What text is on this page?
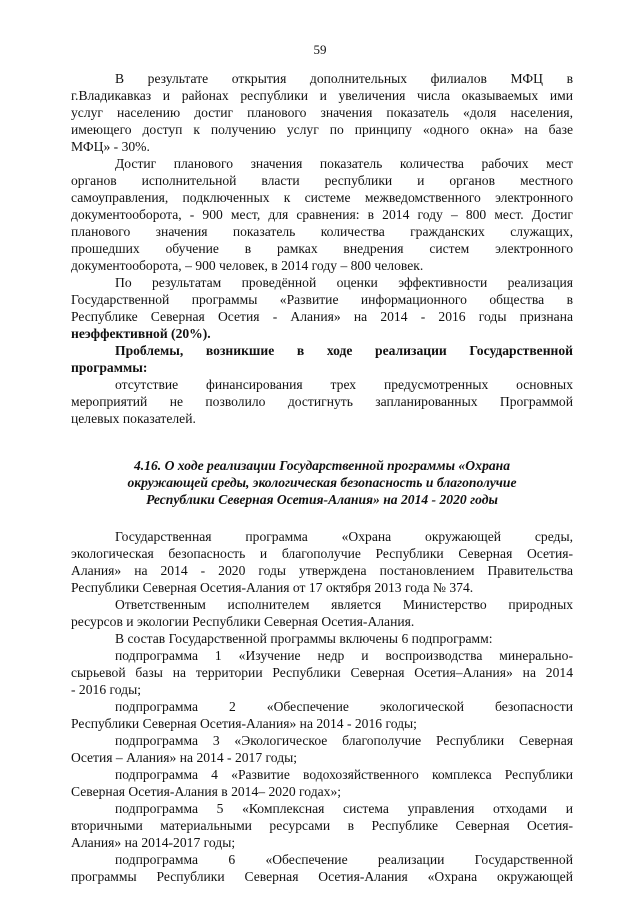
59
В результате открытия дополнительных филиалов МФЦ в
г.Владикавказ и районах республики и увеличения числа оказываемых ими
услуг населению достиг планового значения показатель «доля населения,
имеющего доступ к получению услуг по принципу «одного окна» на базе
МФЦ» - 30%.
Достиг планового значения показатель количества рабочих мест
органов исполнительной власти республики и органов местного
самоуправления, подключенных к системе межведомственного электронного
документооборота, - 900 мест, для сравнения: в 2014 году – 800 мест. Достиг
планового значения показатель количества гражданских служащих,
прошедших обучение в рамках внедрения систем электронного
документооборота, – 900 человек, в 2014 году – 800 человек.
По результатам проведённой оценки эффективности реализация
Государственной программы «Развитие информационного общества в
Республике Северная Осетия - Алания» на 2014 - 2016 годы признана
неэффективной (20%).
Проблемы, возникшие в ходе реализации Государственной
программы:
отсутствие финансирования трех предусмотренных основных
мероприятий не позволило достигнуть запланированных Программой
целевых показателей.
4.16. О ходе реализации Государственной программы «Охрана
окружающей среды, экологическая безопасность и благополучие
Республики Северная Осетия-Алания» на 2014 - 2020 годы
Государственная программа «Охрана окружающей среды,
экологическая безопасность и благополучие Республики Северная Осетия-
Алания» на 2014 - 2020 годы утверждена постановлением Правительства
Республики Северная Осетия-Алания от 17 октября 2013 года № 374.
Ответственным исполнителем является Министерство природных
ресурсов и экологии Республики Северная Осетия-Алания.
В состав Государственной программы включены 6 подпрограмм:
подпрограмма 1 «Изучение недр и воспроизводства минерально-
сырьевой базы на территории Республики Северная Осетия–Алания» на 2014
- 2016 годы;
подпрограмма 2 «Обеспечение экологической безопасности
Республики Северная Осетия-Алания» на 2014 - 2016 годы;
подпрограмма 3 «Экологическое благополучие Республики Северная
Осетия – Алания» на 2014 - 2017 годы;
подпрограмма 4 «Развитие водохозяйственного комплекса Республики
Северная Осетия-Алания в 2014– 2020 годах»;
подпрограмма 5 «Комплексная система управления отходами и
вторичными материальными ресурсами в Республике Северная Осетия-
Алания» на 2014-2017 годы;
подпрограмма 6 «Обеспечение реализации Государственной
программы Республики Северная Осетия-Алания «Охрана окружающей
